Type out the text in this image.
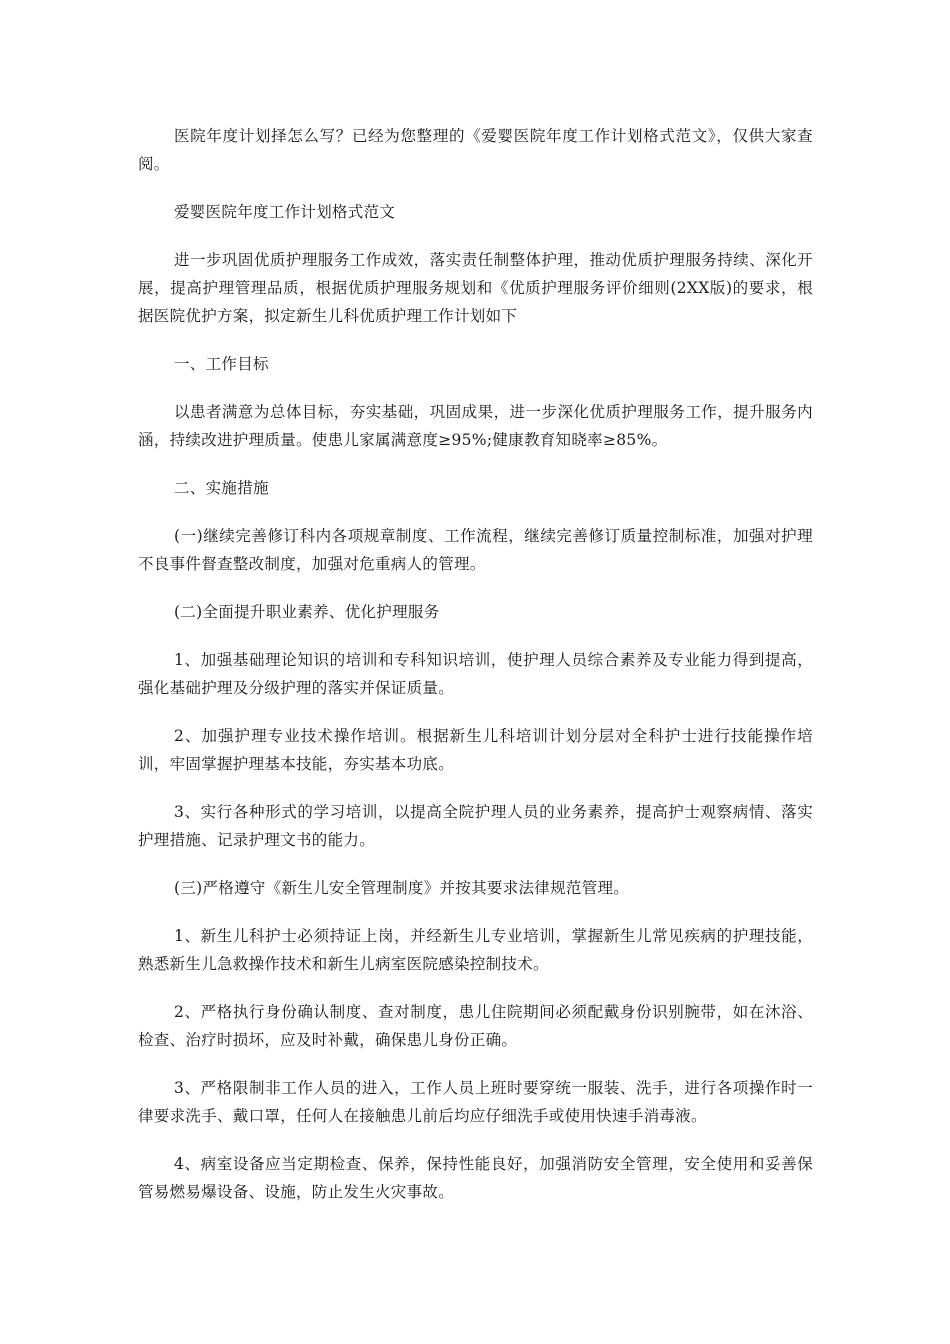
医院年度计划择怎么写？已经为您整理的《爱婴医院年度工作计划格式范文》，仅供大家查阅。

爱婴医院年度工作计划格式范文

进一步巩固优质护理服务工作成效，落实责任制整体护理，推动优质护理服务持续、深化开展，提高护理管理品质，根据优质护理服务规划和《优质护理服务评价细则(2XX版)的要求，根据医院优护方案，拟定新生儿科优质护理工作计划如下

一、工作目标

以患者满意为总体目标，夯实基础，巩固成果，进一步深化优质护理服务工作，提升服务内涵，持续改进护理质量。使患儿家属满意度≥95%;健康教育知晓率≥85%。

二、实施措施

(一)继续完善修订科内各项规章制度、工作流程，继续完善修订质量控制标准，加强对护理不良事件督查整改制度，加强对危重病人的管理。

(二)全面提升职业素养、优化护理服务

1、加强基础理论知识的培训和专科知识培训，使护理人员综合素养及专业能力得到提高，强化基础护理及分级护理的落实并保证质量。

2、加强护理专业技术操作培训。根据新生儿科培训计划分层对全科护士进行技能操作培训，牢固掌握护理基本技能，夯实基本功底。

3、实行各种形式的学习培训，以提高全院护理人员的业务素养，提高护士观察病情、落实护理措施、记录护理文书的能力。

(三)严格遵守《新生儿安全管理制度》并按其要求法律规范管理。

1、新生儿科护士必须持证上岗，并经新生儿专业培训，掌握新生儿常见疾病的护理技能，熟悉新生儿急救操作技术和新生儿病室医院感染控制技术。

2、严格执行身份确认制度、查对制度，患儿住院期间必须配戴身份识别腕带，如在沐浴、检查、治疗时损坏，应及时补戴，确保患儿身份正确。

3、严格限制非工作人员的进入，工作人员上班时要穿统一服装、洗手，进行各项操作时一律要求洗手、戴口罩，任何人在接触患儿前后均应仔细洗手或使用快速手消毒液。

4、病室设备应当定期检查、保养，保持性能良好，加强消防安全管理，安全使用和妥善保管易燃易爆设备、设施，防止发生火灾事故。
